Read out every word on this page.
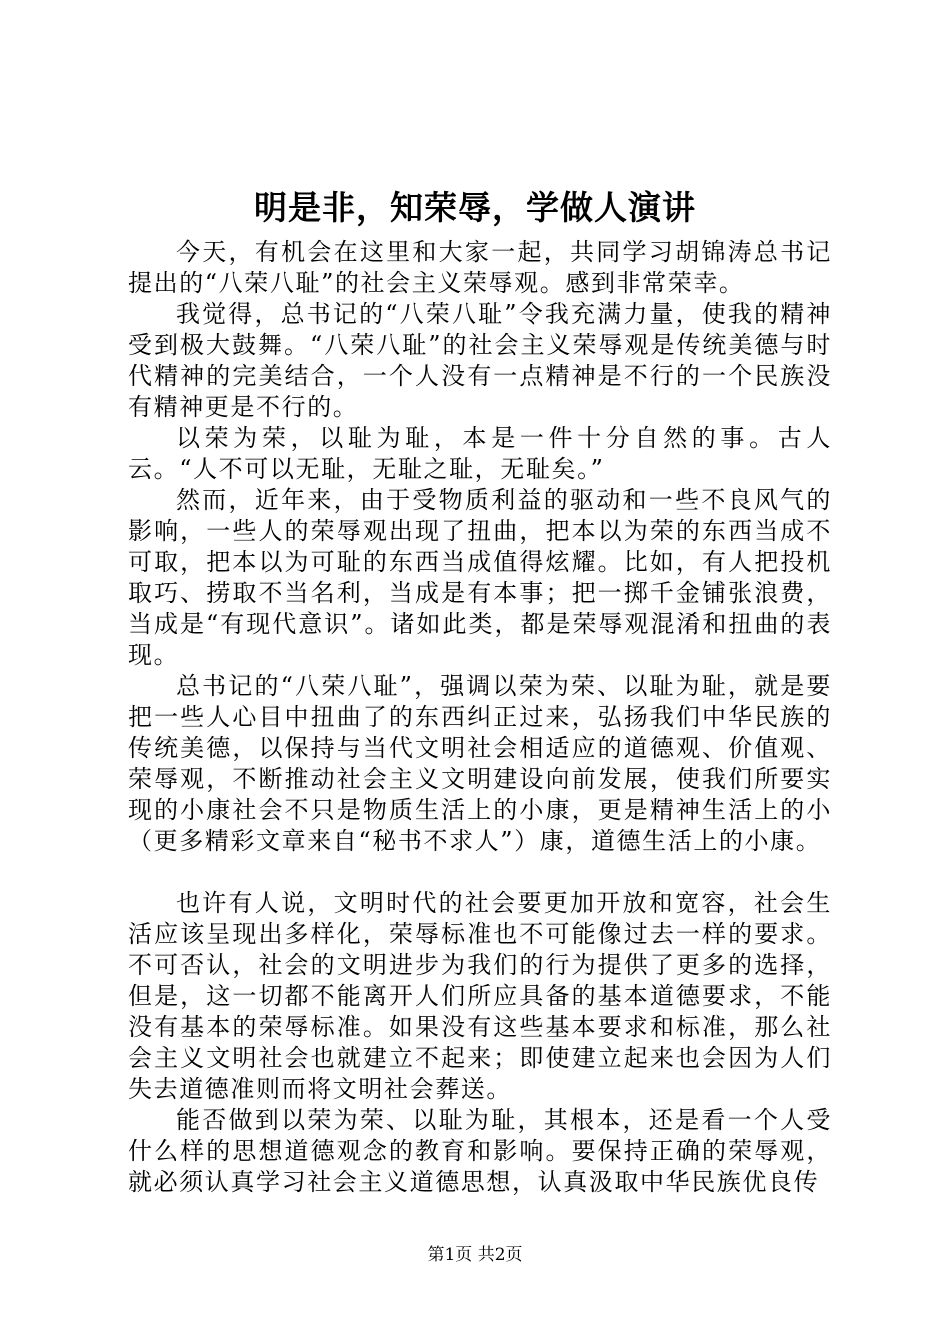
明是非，知荣辱，学做人演讲

今天，有机会在这里和大家一起，共同学习胡锦涛总书记提出的“八荣八耻”的社会主义荣辱观。感到非常荣幸。

我觉得，总书记的“八荣八耻”令我充满力量，使我的精神受到极大鼓舞。“八荣八耻”的社会主义荣辱观是传统美德与时代精神的完美结合，一个人没有一点精神是不行的一个民族没有精神更是不行的。

以荣为荣，以耻为耻，本是一件十分自然的事。古人云。“人不可以无耻，无耻之耻，无耻矣。”

然而，近年来，由于受物质利益的驱动和一些不良风气的影响，一些人的荣辱观出现了扭曲，把本以为荣的东西当成不可取，把本以为可耻的东西当成值得炫耀。比如，有人把投机取巧、捞取不当名利，当成是有本事；把一掷千金铺张浪费，当成是“有现代意识”。诸如此类，都是荣辱观混淆和扭曲的表现。

总书记的“八荣八耻”，强调以荣为荣、以耻为耻，就是要把一些人心目中扭曲了的东西纠正过来，弘扬我们中华民族的传统美德，以保持与当代文明社会相适应的道德观、价值观、荣辱观，不断推动社会主义文明建设向前发展，使我们所要实现的小康社会不只是物质生活上的小康，更是精神生活上的小（更多精彩文章来自“秘书不求人”）康，道德生活上的小康。

也许有人说，文明时代的社会要更加开放和宽容，社会生活应该呈现出多样化，荣辱标准也不可能像过去一样的要求。不可否认，社会的文明进步为我们的行为提供了更多的选择，但是，这一切都不能离开人们所应具备的基本道德要求，不能没有基本的荣辱标准。如果没有这些基本要求和标准，那么社会主义文明社会也就建立不起来；即使建立起来也会因为人们失去道德准则而将文明社会葬送。

能否做到以荣为荣、以耻为耻，其根本，还是看一个人受什么样的思想道德观念的教育和影响。要保持正确的荣辱观，就必须认真学习社会主义道德思想，认真汲取中华民族优良传

第1页 共2页
